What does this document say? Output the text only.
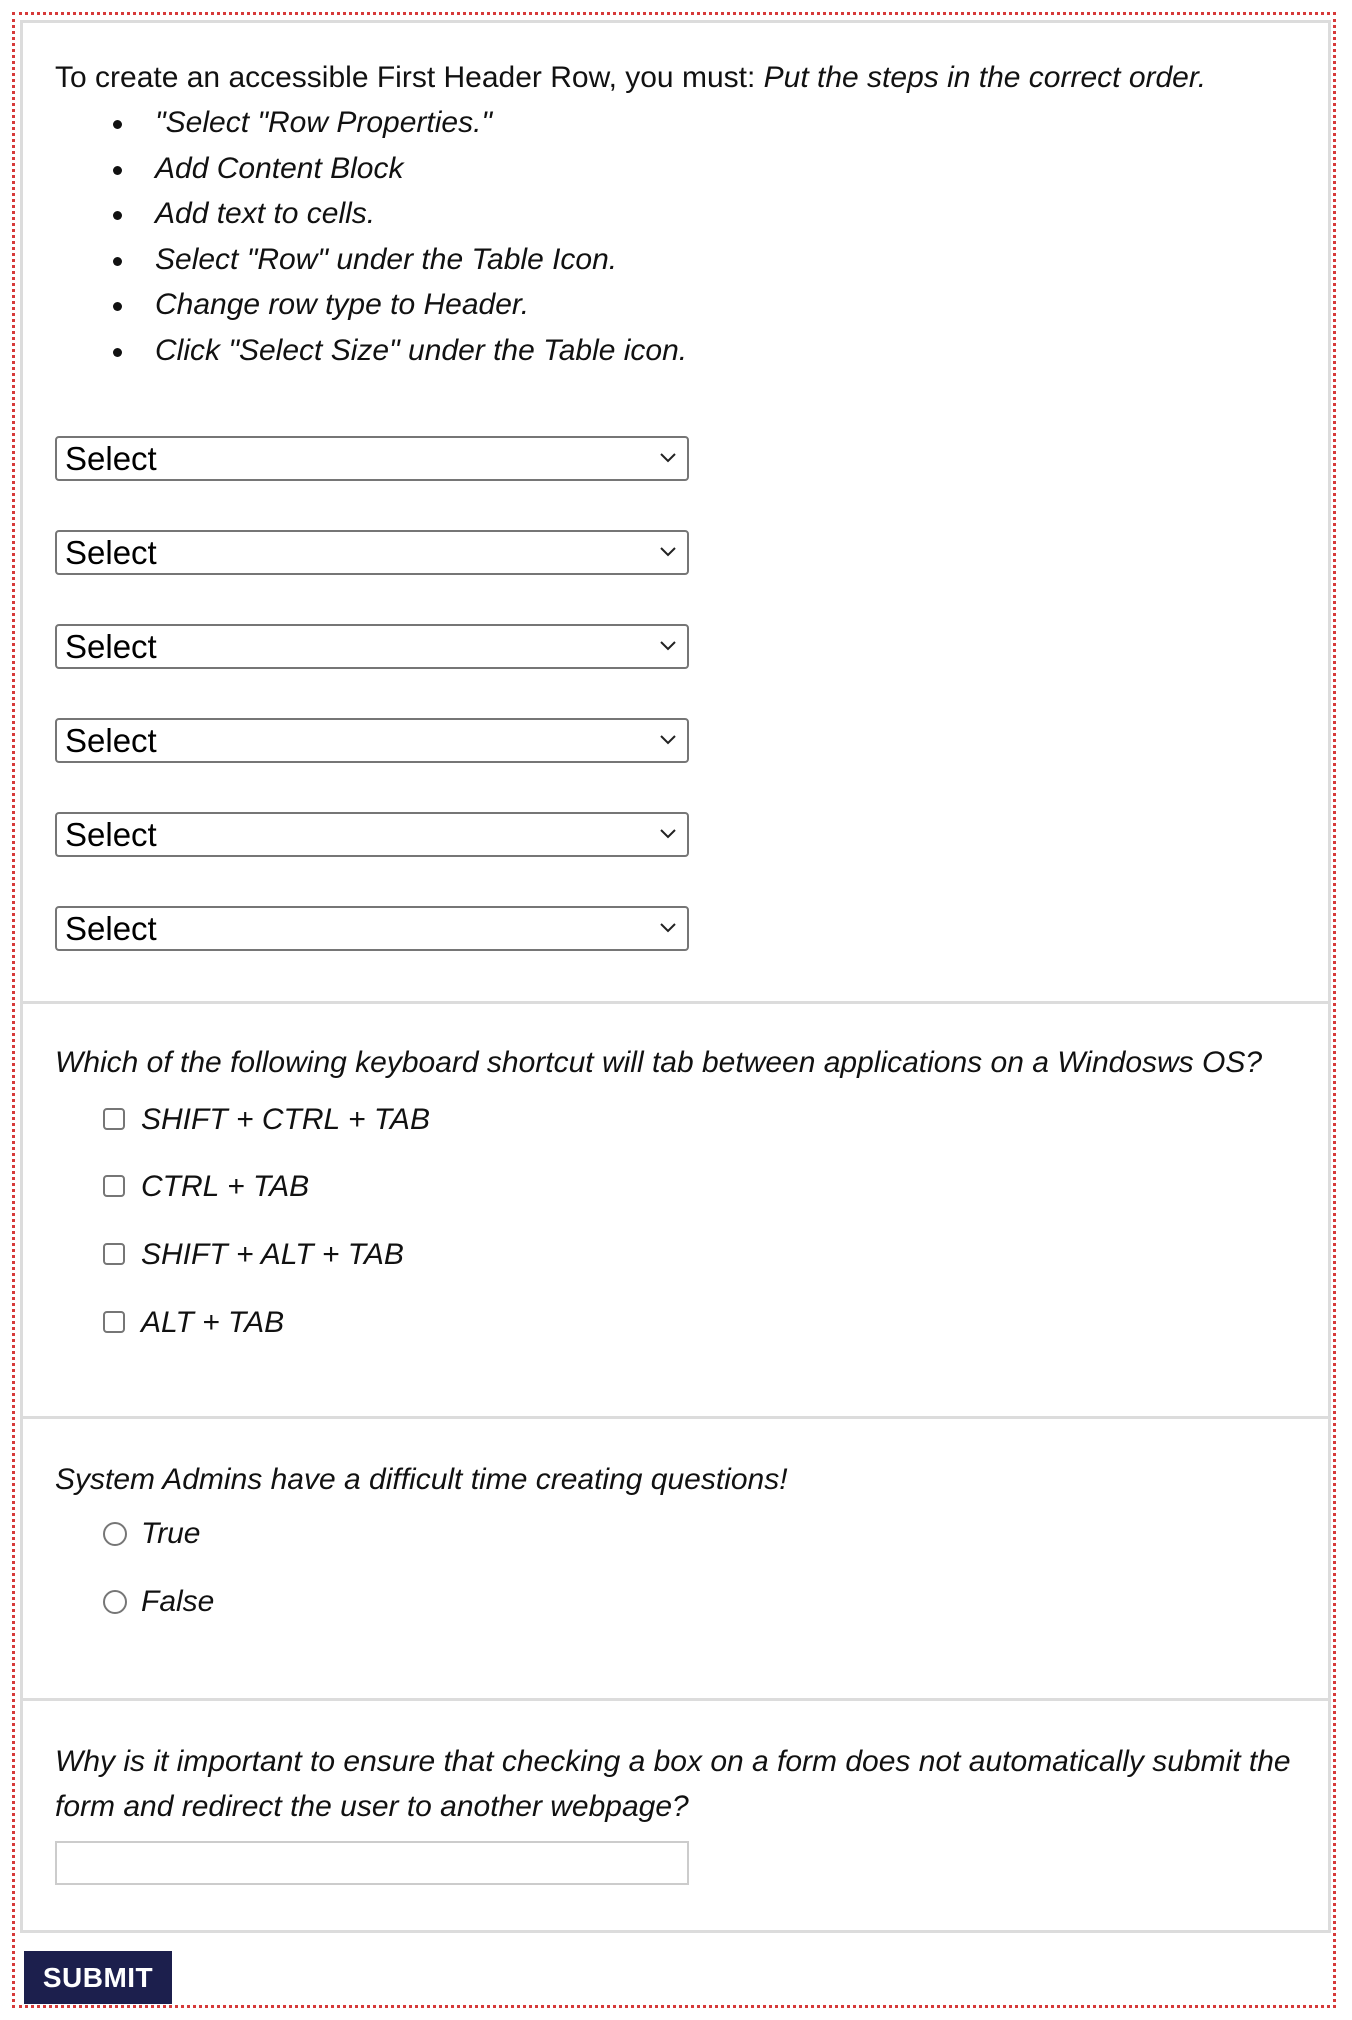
To create an accessible First Header Row, you must: Put the steps in the correct order.
"Select "Row Properties."
Add Content Block
Add text to cells.
Select "Row" under the Table Icon.
Change row type to Header.
Click "Select Size" under the Table icon.
Select
Select
Select
Select
Select
Select
Which of the following keyboard shortcut will tab between applications on a Windosws OS?
SHIFT + CTRL + TAB
CTRL + TAB
SHIFT + ALT + TAB
ALT + TAB
System Admins have a difficult time creating questions!
True
False
Why is it important to ensure that checking a box on a form does not automatically submit the form and redirect the user to another webpage?
SUBMIT
